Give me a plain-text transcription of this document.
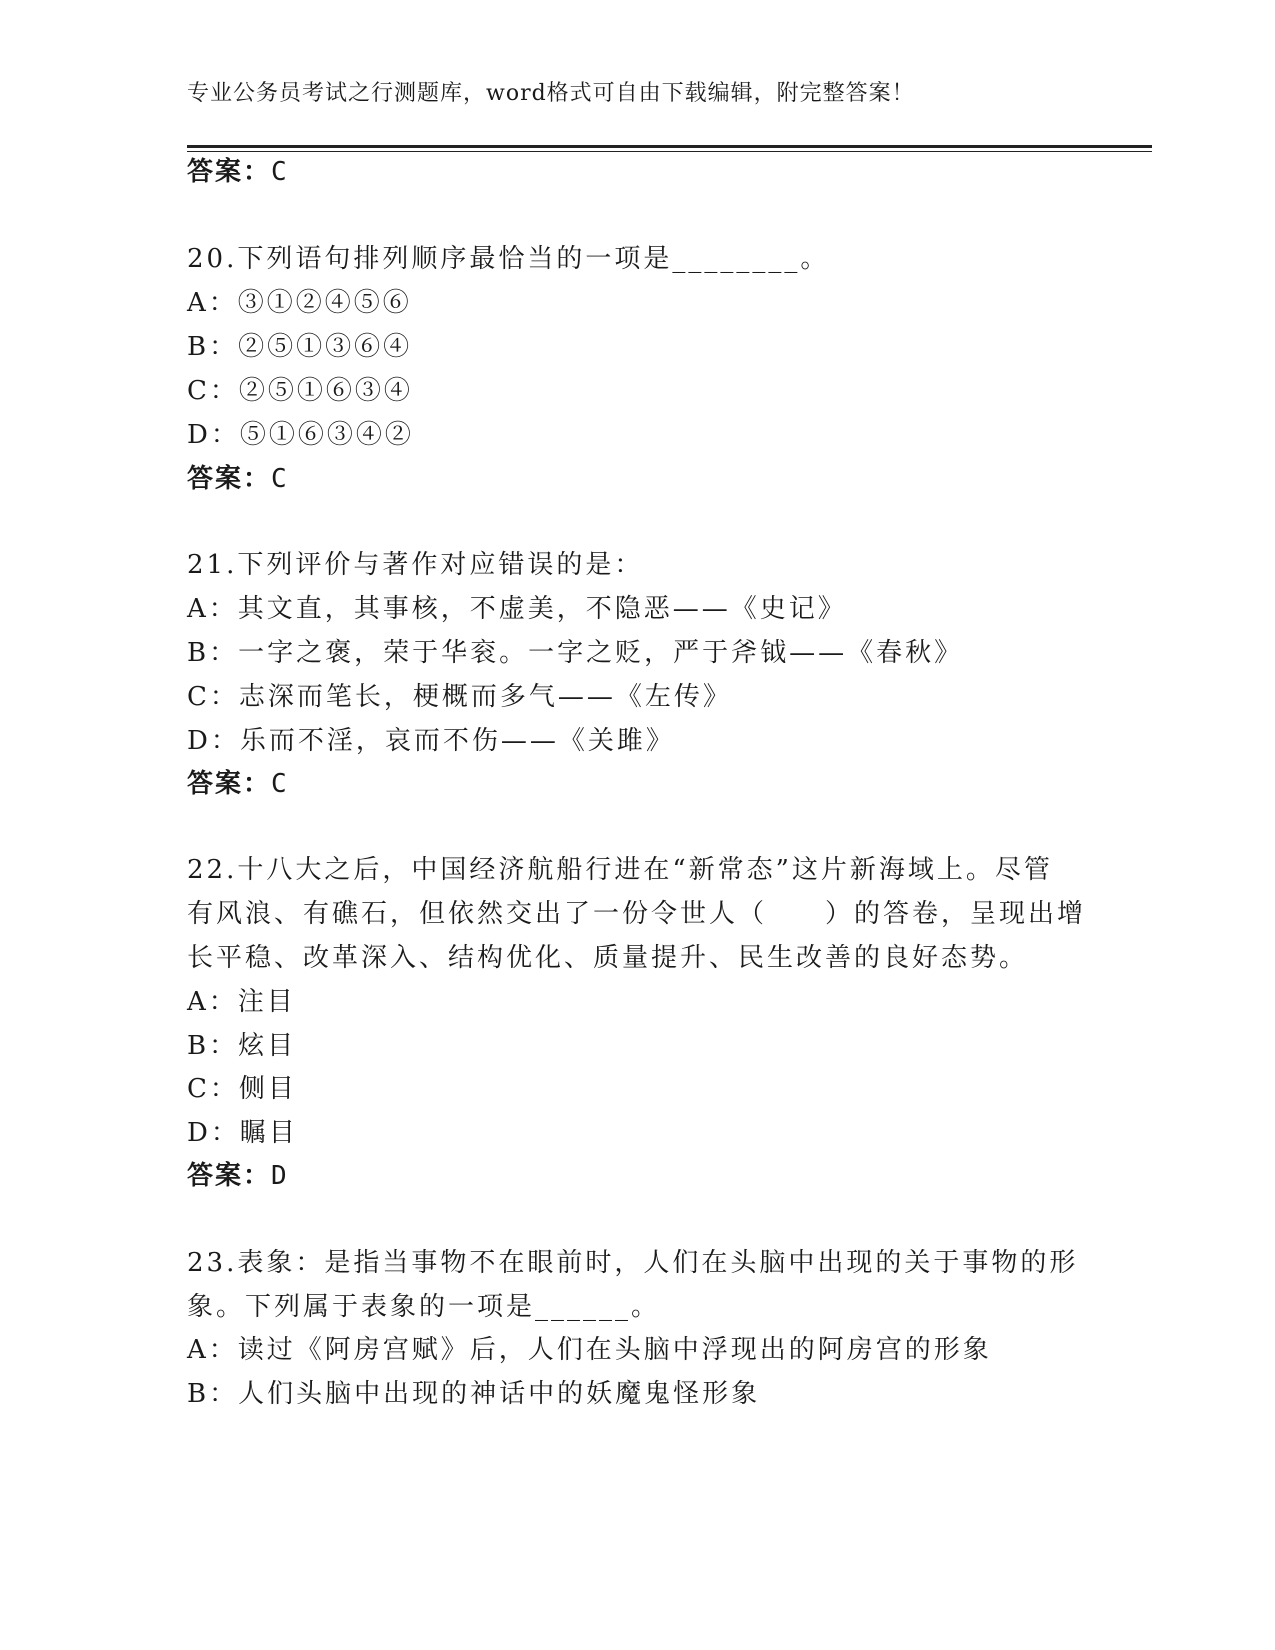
专业公务员考试之行测题库，word格式可自由下载编辑，附完整答案！
答案：C
20.下列语句排列顺序最恰当的一项是________。
A：③①②④⑤⑥
B：②⑤①③⑥④
C：②⑤①⑥③④
D：⑤①⑥③④②
答案：C
21.下列评价与著作对应错误的是：
A：其文直，其事核，不虚美，不隐恶——《史记》
B：一字之褒，荣于华衮。一字之贬，严于斧钺——《春秋》
C：志深而笔长，梗概而多气——《左传》
D：乐而不淫，哀而不伤——《关雎》
答案：C
22.十八大之后，中国经济航船行进在“新常态”这片新海域上。尽管
有风浪、有礁石，但依然交出了一份令世人（　　）的答卷，呈现出增
长平稳、改革深入、结构优化、质量提升、民生改善的良好态势。
A：注目
B：炫目
C：侧目
D：瞩目
答案：D
23.表象：是指当事物不在眼前时，人们在头脑中出现的关于事物的形
象。下列属于表象的一项是______。
A：读过《阿房宫赋》后，人们在头脑中浮现出的阿房宫的形象
B：人们头脑中出现的神话中的妖魔鬼怪形象
